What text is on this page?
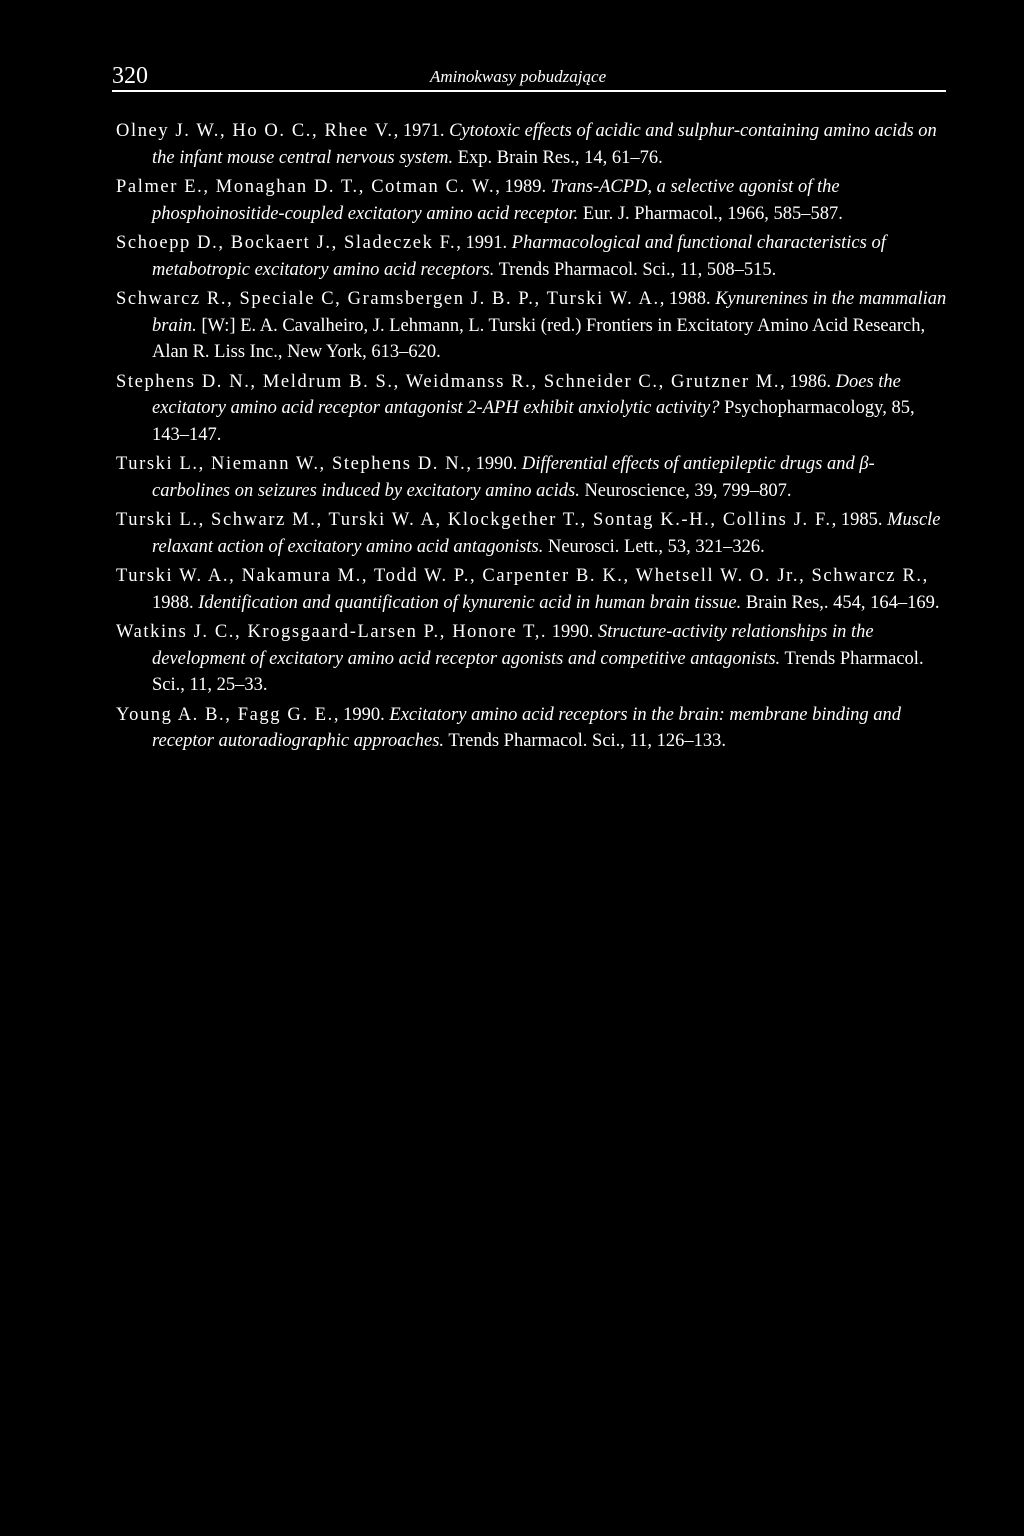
320	Aminokwasy pobudzające

Olney J. W., Ho O. C., Rhee V., 1971. Cytotoxic effects of acidic and sulphur-containing amino acids on the infant mouse central nervous system. Exp. Brain Res., 14, 61–76.

Palmer E., Monaghan D. T., Cotman C. W., 1989. Trans-ACPD, a selective agonist of the phosphoinositide-coupled excitatory amino acid receptor. Eur. J. Pharmacol., 1966, 585–587.

Schoepp D., Bockaert J., Sladeczek F., 1991. Pharmacological and functional characteristics of metabotropic excitatory amino acid receptors. Trends Pharmacol. Sci., 11, 508–515.

Schwarcz R., Speciale C, Gramsbergen J. B. P., Turski W. A., 1988. Kynurenines in the mammalian brain. [W:] E. A. Cavalheiro, J. Lehmann, L. Turski (red.) Frontiers in Excitatory Amino Acid Research, Alan R. Liss Inc., New York, 613–620.

Stephens D. N., Meldrum B. S., Weidmanss R., Schneider C., Grutzner M., 1986. Does the excitatory amino acid receptor antagonist 2-APH exhibit anxiolytic activity? Psychopharmacology, 85, 143–147.

Turski L., Niemann W., Stephens D. N., 1990. Differential effects of antiepileptic drugs and β-carbolines on seizures induced by excitatory amino acids. Neuroscience, 39, 799–807.

Turski L., Schwarz M., Turski W. A, Klockgether T., Sontag K.-H., Collins J. F., 1985. Muscle relaxant action of excitatory amino acid antagonists. Neurosci. Lett., 53, 321–326.

Turski W. A., Nakamura M., Todd W. P., Carpenter B. K., Whetsell W. O. Jr., Schwarcz R., 1988. Identification and quantification of kynurenic acid in human brain tissue. Brain Res,. 454, 164–169.

Watkins J. C., Krogsgaard-Larsen P., Honore T,. 1990. Structure-activity relationships in the development of excitatory amino acid receptor agonists and competitive antagonists. Trends Pharmacol. Sci., 11, 25–33.

Young A. B., Fagg G. E., 1990. Excitatory amino acid receptors in the brain: membrane binding and receptor autoradiographic approaches. Trends Pharmacol. Sci., 11, 126–133.
